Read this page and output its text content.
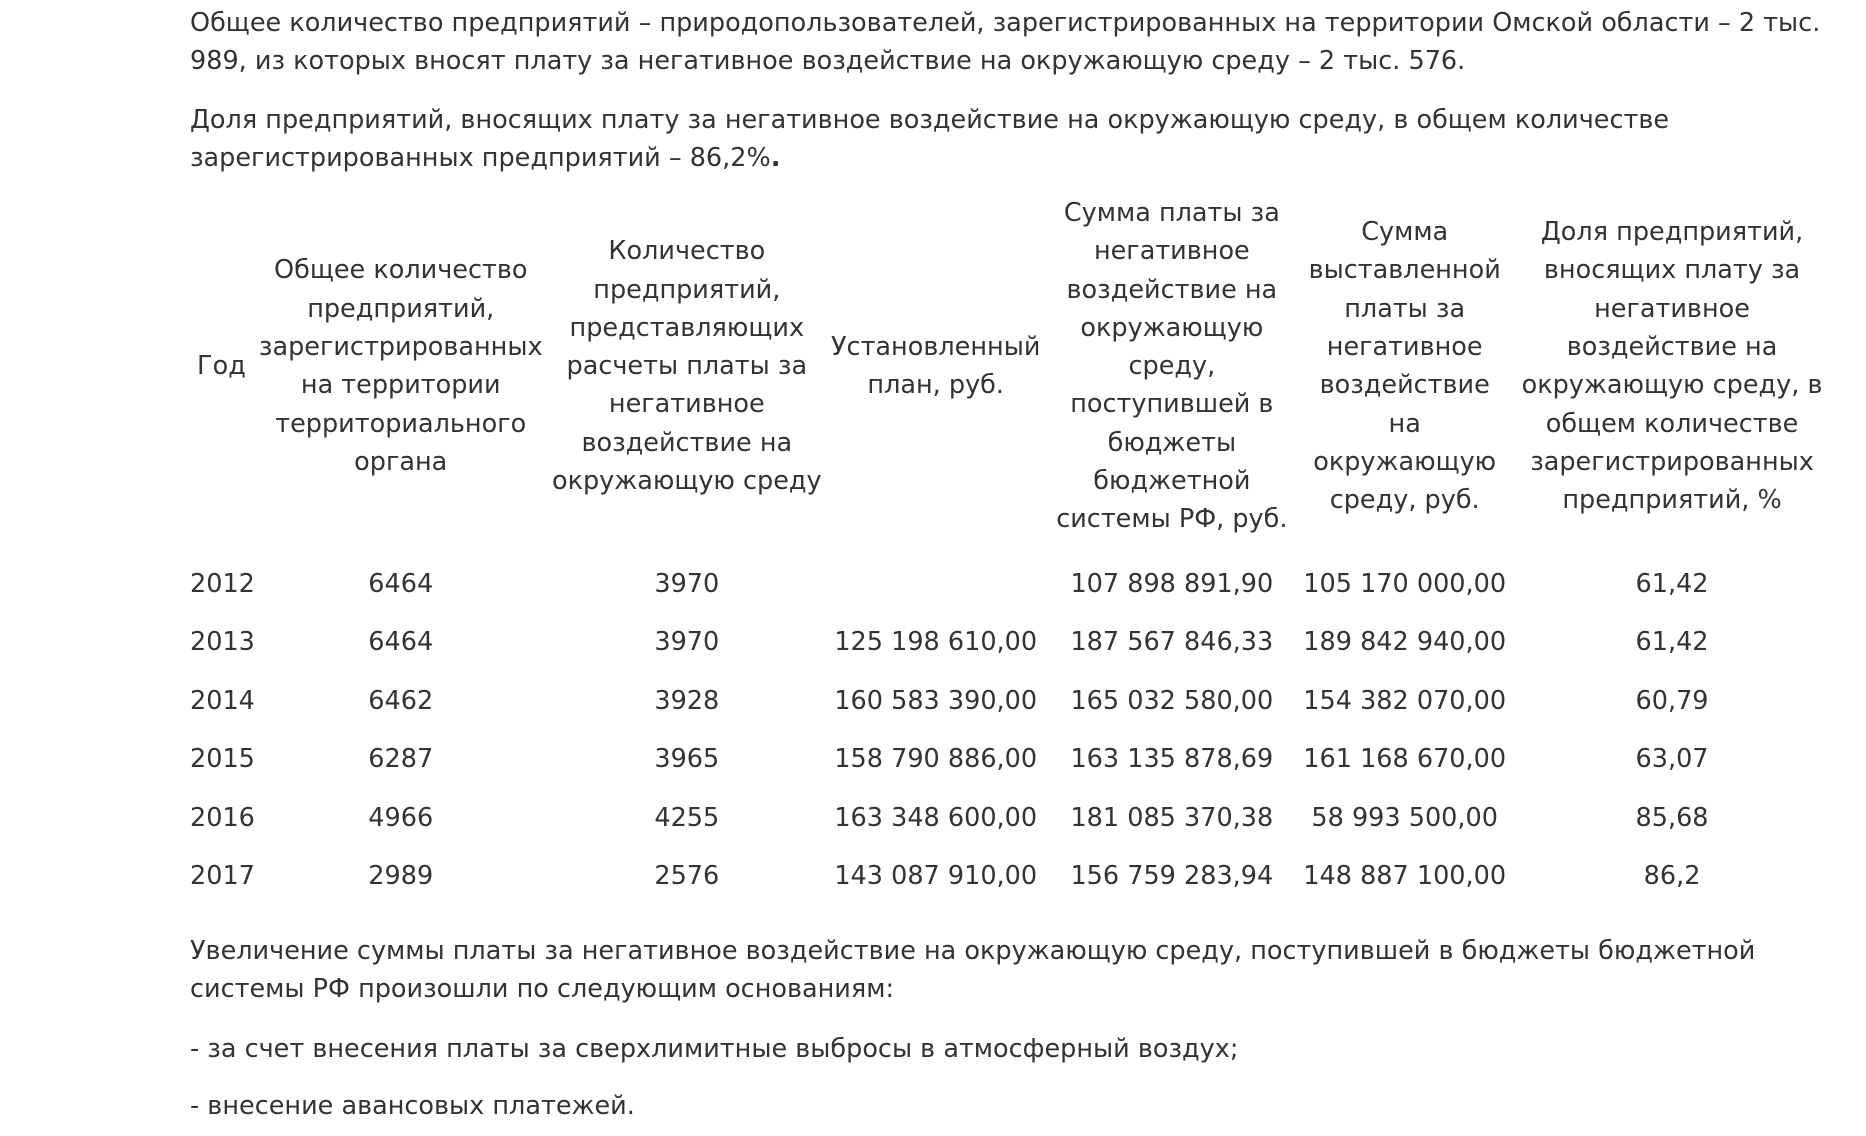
Общее количество предприятий – природопользователей, зарегистрированных на территории Омской области – 2 тыс. 989, из которых вносят плату за негативное воздействие на окружающую среду – 2 тыс. 576.

Доля предприятий, вносящих плату за негативное воздействие на окружающую среду, в общем количестве зарегистрированных предприятий – 86,2%.

Год	Общее количество предприятий, зарегистрированных на территории территориального органа	Количество предприятий, представляющих расчеты платы за негативное воздействие на окружающую среду	Установленный план, руб.	Сумма платы за негативное воздействие на окружающую среду, поступившей в бюджеты бюджетной системы РФ, руб.	Сумма выставленной платы за негативное воздействие на окружающую среду, руб.	Доля предприятий, вносящих плату за негативное воздействие на окружающую среду, в общем количестве зарегистрированных предприятий, %
2012	6464	3970		107 898 891,90	105 170 000,00	61,42
2013	6464	3970	125 198 610,00	187 567 846,33	189 842 940,00	61,42
2014	6462	3928	160 583 390,00	165 032 580,00	154 382 070,00	60,79
2015	6287	3965	158 790 886,00	163 135 878,69	161 168 670,00	63,07
2016	4966	4255	163 348 600,00	181 085 370,38	58 993 500,00	85,68
2017	2989	2576	143 087 910,00	156 759 283,94	148 887 100,00	86,2

Увеличение суммы платы за негативное воздействие на окружающую среду, поступившей в бюджеты бюджетной системы РФ произошли по следующим основаниям:

- за счет внесения платы за сверхлимитные выбросы в атмосферный воздух;

- внесение авансовых платежей.
